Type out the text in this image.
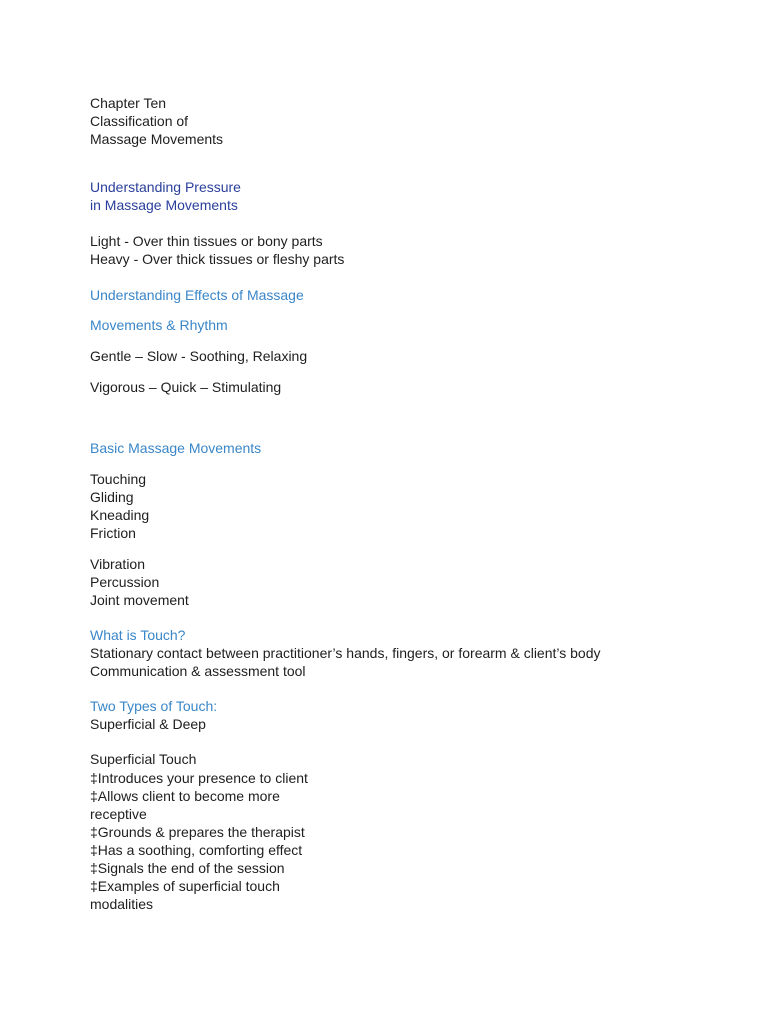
Chapter Ten
Classification of
Massage Movements
Understanding Pressure
in Massage Movements
Light - Over thin tissues or bony parts
Heavy - Over thick tissues or fleshy parts
Understanding Effects of Massage
Movements & Rhythm
Gentle – Slow - Soothing, Relaxing
Vigorous – Quick – Stimulating
Basic Massage Movements
Touching
Gliding
Kneading
Friction
Vibration
Percussion
Joint movement
What is Touch?
Stationary contact between practitioner’s hands, fingers, or forearm & client’s body
Communication & assessment tool
Two Types of Touch:
Superficial & Deep
Superficial Touch
‡Introduces your presence to client
‡Allows client to become more
receptive
‡Grounds & prepares the therapist
‡Has a soothing, comforting effect
‡Signals the end of the session
‡Examples of superficial touch
modalities
